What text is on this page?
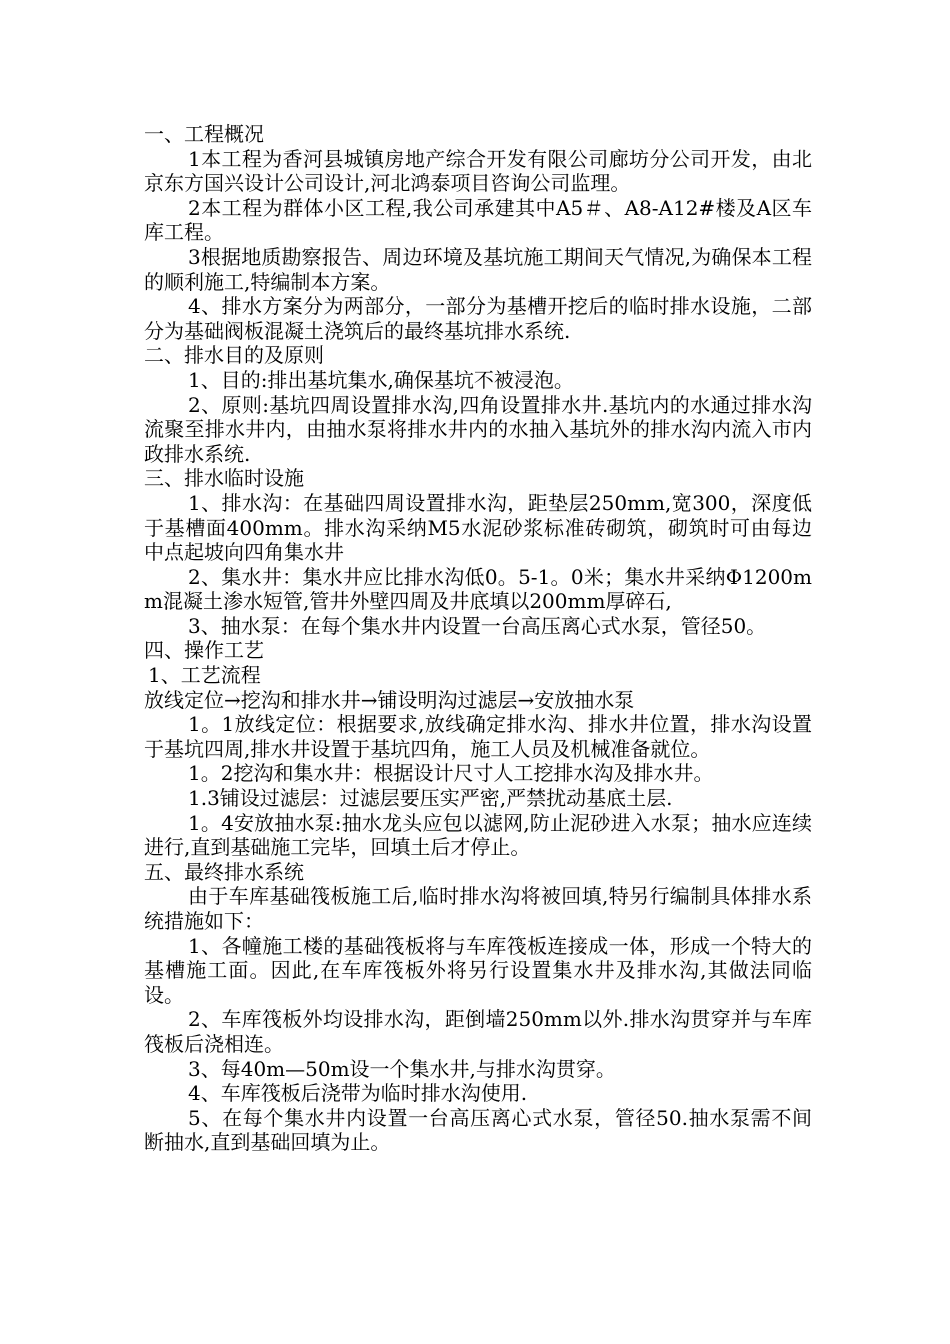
一、工程概况

1本工程为香河县城镇房地产综合开发有限公司廊坊分公司开发，由北京东方国兴设计公司设计,河北鸿泰项目咨询公司监理。

2本工程为群体小区工程,我公司承建其中A5＃、A8-A12#楼及A区车库工程。

3根据地质勘察报告、周边环境及基坑施工期间天气情况,为确保本工程的顺利施工,特编制本方案。

4、排水方案分为两部分，一部分为基槽开挖后的临时排水设施，二部分为基础阀板混凝土浇筑后的最终基坑排水系统.

二、排水目的及原则

1、目的:排出基坑集水,确保基坑不被浸泡。

2、原则:基坑四周设置排水沟,四角设置排水井.基坑内的水通过排水沟流聚至排水井内，由抽水泵将排水井内的水抽入基坑外的排水沟内流入市内政排水系统.

三、排水临时设施

1、排水沟：在基础四周设置排水沟，距垫层250mm,宽300，深度低于基槽面400mm。排水沟采纳M5水泥砂浆标准砖砌筑，砌筑时可由每边中点起坡向四角集水井

2、集水井：集水井应比排水沟低0。5-1。0米；集水井采纳Φ1200mm混凝土渗水短管,管井外壁四周及井底填以200mm厚碎石,

3、抽水泵：在每个集水井内设置一台高压离心式水泵，管径50。

四、操作工艺

1、工艺流程

放线定位→挖沟和排水井→铺设明沟过滤层→安放抽水泵

1。1放线定位：根据要求,放线确定排水沟、排水井位置，排水沟设置于基坑四周,排水井设置于基坑四角，施工人员及机械准备就位。

1。2挖沟和集水井：根据设计尺寸人工挖排水沟及排水井。

1.3铺设过滤层：过滤层要压实严密,严禁扰动基底土层.

1。4安放抽水泵:抽水龙头应包以滤网,防止泥砂进入水泵；抽水应连续进行,直到基础施工完毕，回填土后才停止。

五、最终排水系统

由于车库基础筏板施工后,临时排水沟将被回填,特另行编制具体排水系统措施如下：

1、各幢施工楼的基础筏板将与车库筏板连接成一体，形成一个特大的基槽施工面。因此,在车库筏板外将另行设置集水井及排水沟,其做法同临设。

2、车库筏板外均设排水沟，距倒墙250mm以外.排水沟贯穿并与车库筏板后浇相连。

3、每40m—50m设一个集水井,与排水沟贯穿。

4、车库筏板后浇带为临时排水沟使用.

5、在每个集水井内设置一台高压离心式水泵，管径50.抽水泵需不间断抽水,直到基础回填为止。
